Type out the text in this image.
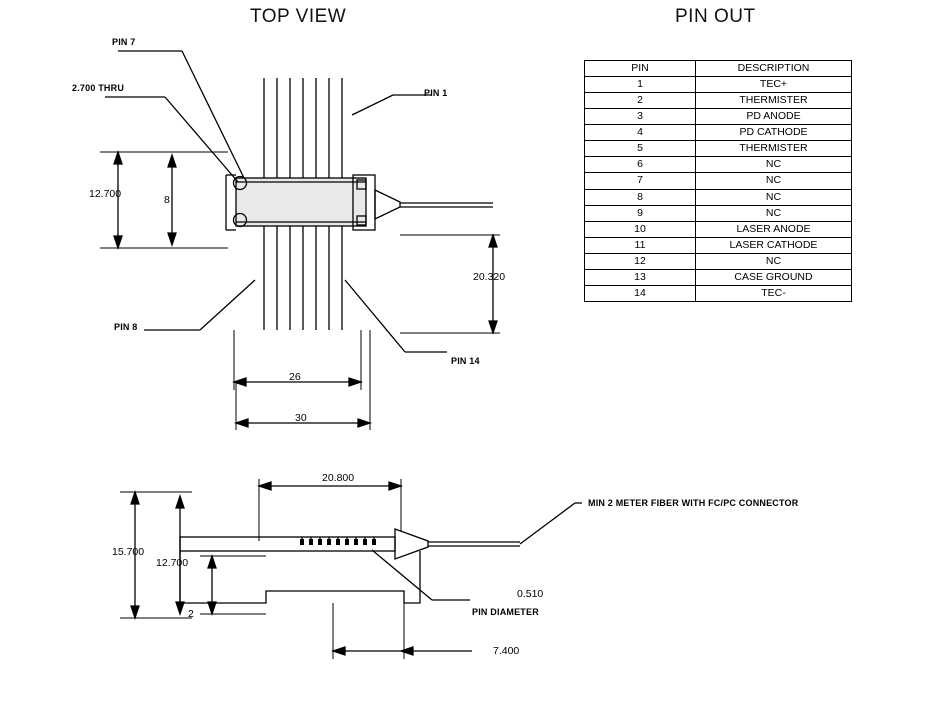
TOP VIEW	PIN OUT
PIN	DESCRIPTION
1	TEC+
2	THERMISTER
3	PD ANODE
4	PD CATHODE
5	THERMISTER
6	NC
7	NC
8	NC
9	NC
10	LASER ANODE
11	LASER CATHODE
12	NC
13	CASE GROUND
14	TEC-
PIN 7
PIN 1
PIN 8
PIN 14
2.700 THRU
12.700	8
20.320
26
30
20.800
15.700
12.700
2
7.400
0.510
PIN DIAMETER
MIN 2 METER FIBER WITH FC/PC CONNECTOR
